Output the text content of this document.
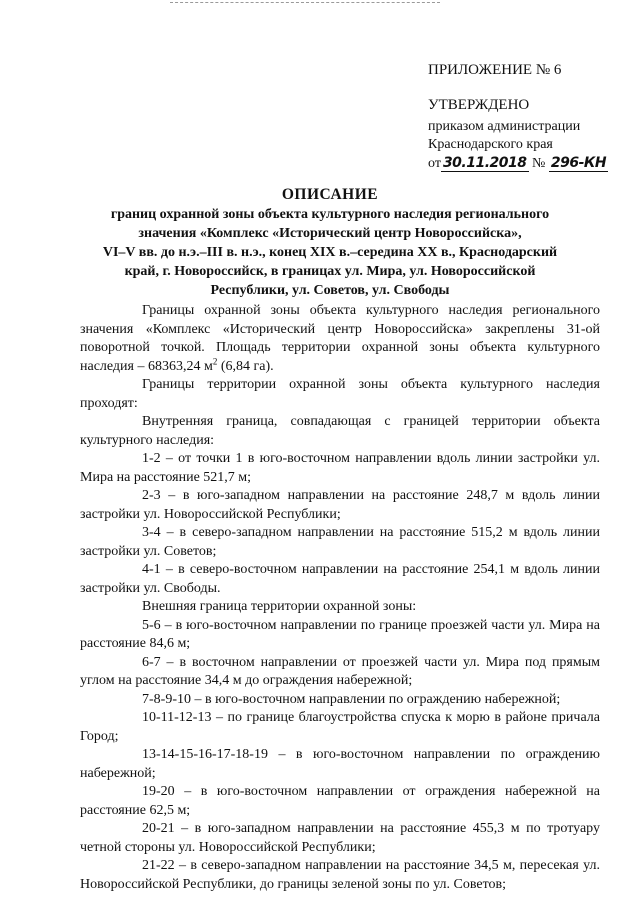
ПРИЛОЖЕНИЕ № 6
УТВЕРЖДЕНО
приказом администрации
Краснодарского края
от 30.11.2018 № 296-КН
ОПИСАНИЕ
границ охранной зоны объекта культурного наследия регионального
значения «Комплекс «Исторический центр Новороссийска»,
VI–V вв. до н.э.–III в. н.э., конец XIX в.–середина XX в., Краснодарский
край, г. Новороссийск, в границах ул. Мира, ул. Новороссийской
Республики, ул. Советов, ул. Свободы

Границы охранной зоны объекта культурного наследия регионального значения «Комплекс «Исторический центр Новороссийска» закреплены 31-ой поворотной точкой. Площадь территории охранной зоны объекта культурного наследия – 68363,24 $м^2$ (6,84 га).

Границы территории охранной зоны объекта культурного наследия проходят:

Внутренняя граница, совпадающая с границей территории объекта культурного наследия:

1-2 – от точки 1 в юго-восточном направлении вдоль линии застройки ул. Мира на расстояние 521,7 м;

2-3 – в юго-западном направлении на расстояние 248,7 м вдоль линии застройки ул. Новороссийской Республики;

3-4 – в северо-западном направлении на расстояние 515,2 м вдоль линии застройки ул. Советов;

4-1 – в северо-восточном направлении на расстояние 254,1 м вдоль линии застройки ул. Свободы.

Внешняя граница территории охранной зоны:

5-6 – в юго-восточном направлении по границе проезжей части ул. Мира на расстояние 84,6 м;

6-7 – в восточном направлении от проезжей части ул. Мира под прямым углом на расстояние 34,4 м до ограждения набережной;

7-8-9-10 – в юго-восточном направлении по ограждению набережной;

10-11-12-13 – по границе благоустройства спуска к морю в районе причала Город;

13-14-15-16-17-18-19 – в юго-восточном направлении по ограждению набережной;

19-20 – в юго-восточном направлении от ограждения набережной на расстояние 62,5 м;

20-21 – в юго-западном направлении на расстояние 455,3 м по тротуару четной стороны ул. Новороссийской Республики;

21-22 – в северо-западном направлении на расстояние 34,5 м, пересекая ул. Новороссийской Республики, до границы зеленой зоны по ул. Советов;
